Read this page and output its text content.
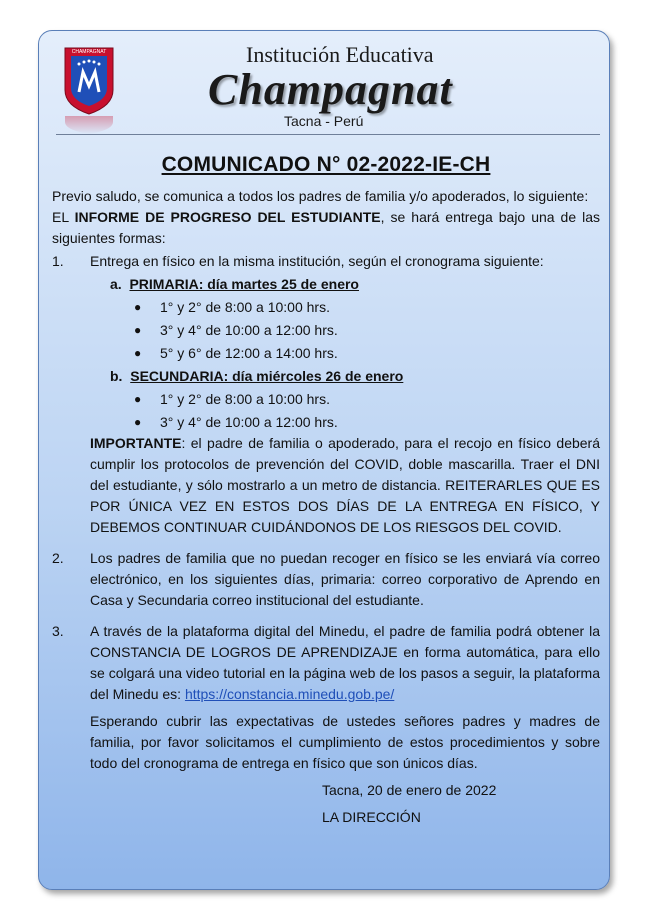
CHAMPAGNAT	Institución Educativa
Champagnat
Tacna - Perú
COMUNICADO N° 02-2022-IE-CH

Previo saludo, se comunica a todos los padres de familia y/o apoderados, lo siguiente:

EL INFORME DE PROGRESO DEL ESTUDIANTE, se hará entrega bajo una de las siguientes formas:

1.	Entrega en físico en la misma institución, según el cronograma siguiente:
a. PRIMARIA: día martes 25 de enero
●	1° y 2° de 8:00 a 10:00 hrs.
●	3° y 4° de 10:00 a 12:00 hrs.
●	5° y 6° de 12:00 a 14:00 hrs.
b. SECUNDARIA: día miércoles 26 de enero
●	1° y 2° de 8:00 a 10:00 hrs.
●	3° y 4° de 10:00 a 12:00 hrs.

IMPORTANTE: el padre de familia o apoderado, para el recojo en físico deberá cumplir los protocolos de prevención del COVID, doble mascarilla. Traer el DNI del estudiante, y sólo mostrarlo a un metro de distancia. REITERARLES QUE ES POR ÚNICA VEZ EN ESTOS DOS DÍAS DE LA ENTREGA EN FÍSICO, Y DEBEMOS CONTINUAR CUIDÁNDONOS DE LOS RIESGOS DEL COVID.

2.	Los padres de familia que no puedan recoger en físico se les enviará vía correo electrónico, en los siguientes días, primaria: correo corporativo de Aprendo en Casa y Secundaria correo institucional del estudiante.
3.	A través de la plataforma digital del Minedu, el padre de familia podrá obtener la CONSTANCIA DE LOGROS DE APRENDIZAJE en forma automática, para ello se colgará una video tutorial en la página web de los pasos a seguir, la plataforma del Minedu es: https://constancia.minedu.gob.pe/

Esperando cubrir las expectativas de ustedes señores padres y madres de familia, por favor solicitamos el cumplimiento de estos procedimientos y sobre todo del cronograma de entrega en físico que son únicos días.

Tacna, 20 de enero de 2022
LA DIRECCIÓN
